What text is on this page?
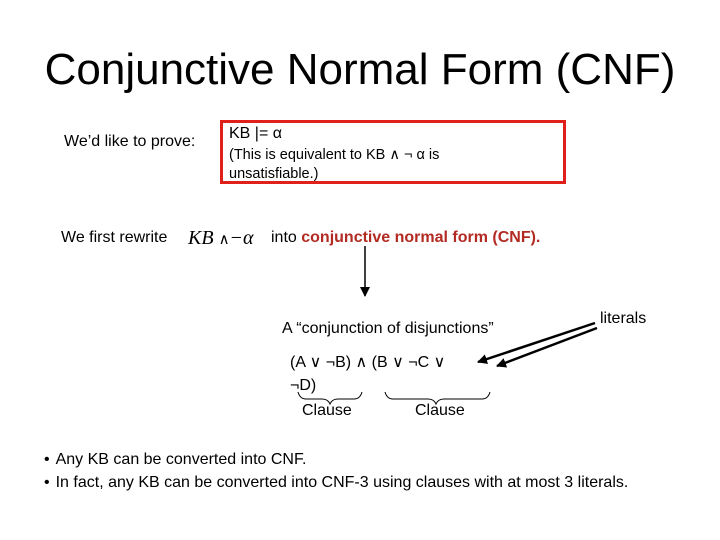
Conjunctive Normal Form (CNF)
We’d like to prove: KB |= α
(This is equivalent to KB ∧ ¬ α is unsatisfiable.)
We first rewrite KB ∧−α into conjunctive normal form (CNF).
A “conjunction of disjunctions”
literals
(A ∨ ¬B) ∧ (B ∨ ¬C ∨
¬D)
Clause	Clause
• Any KB can be converted into CNF.
• In fact, any KB can be converted into CNF-3 using clauses with at most 3 literals.
